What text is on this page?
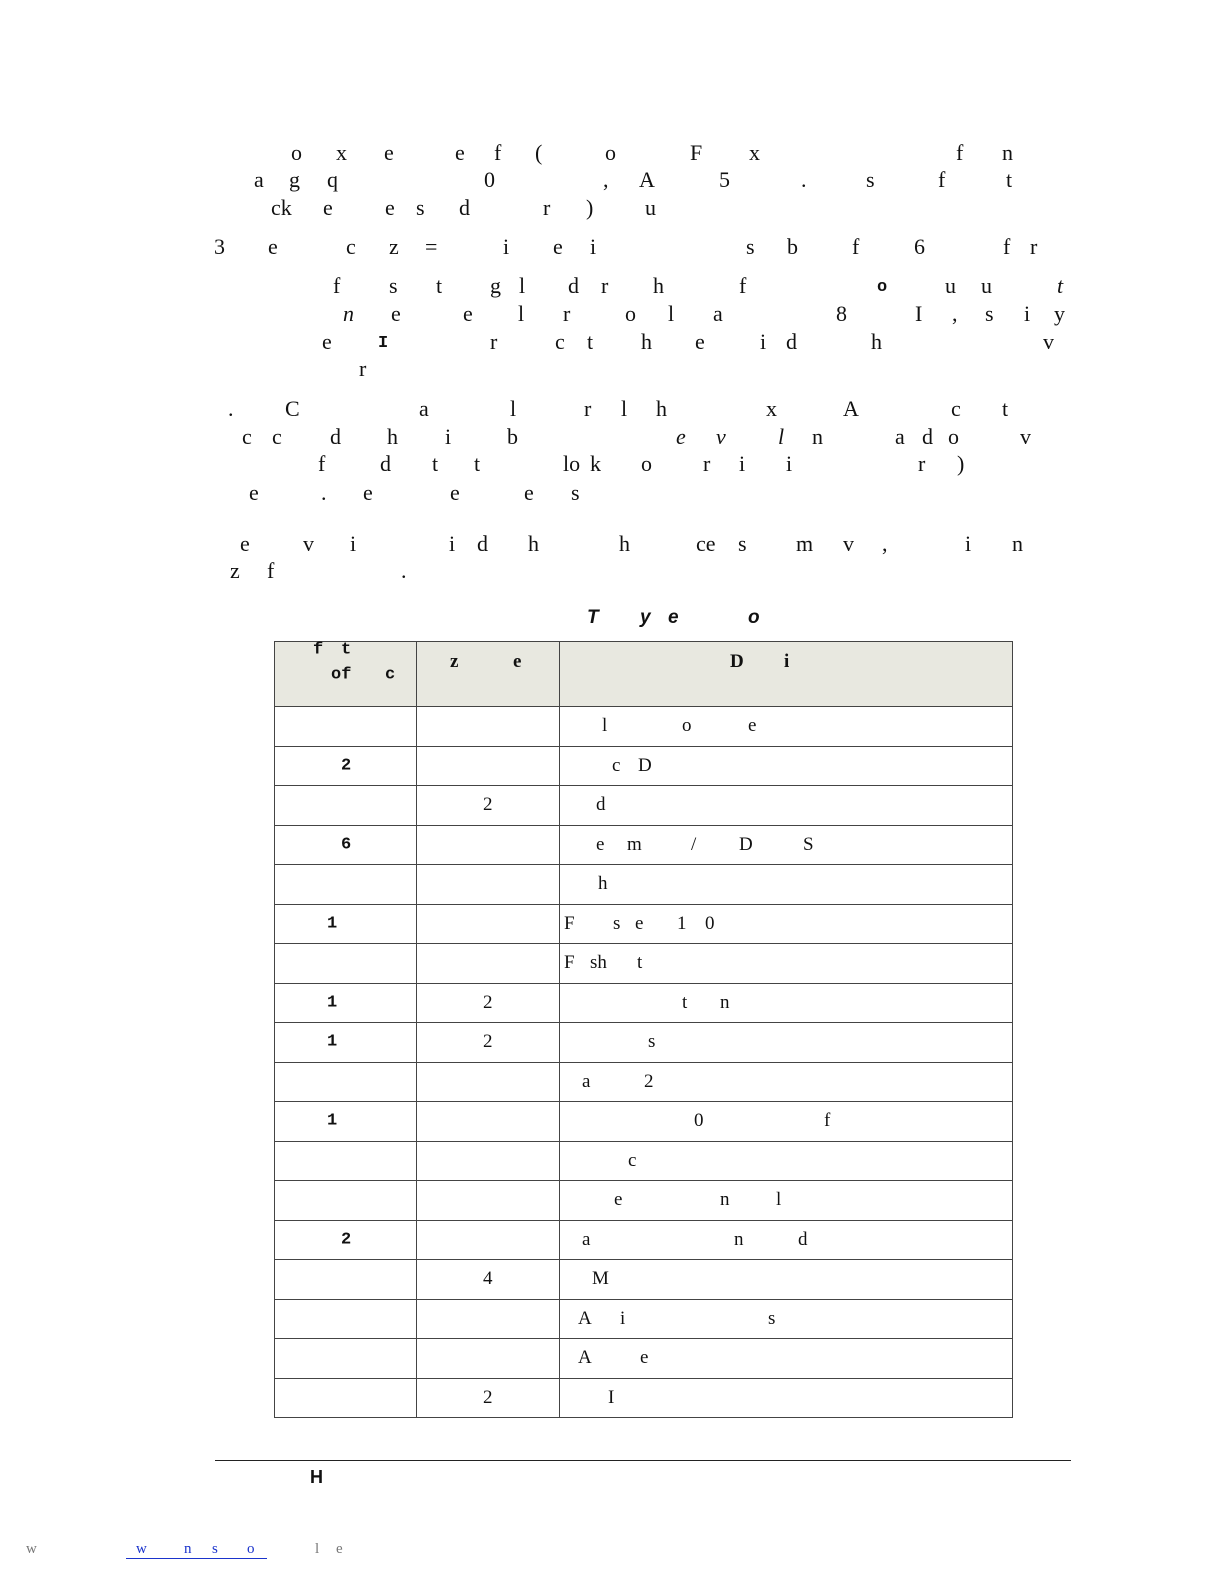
o x e	e f (	o	F x	f n
a g q	0	, A	5	.	s	f	t
ck e e s d	r ) u
3 e	c z =	i e i	s b f 6	f r
f s t g l d r h	f	o	u u	t
n e	e l r o l a	8	I , s i y
e	I	r	c t h e	i d	h	v
r
. C	a	l	r l h	x	A	c t
c c d h i	b	e v l n	a d o	v
f d t t	lo k o r i i	r )
e	. e	e	e s
e v i	i d h	h	ce s m v ,	i n
z f	.
T y e	o
f t
of c	z e	D i

		l o e

2		c D

	2	d

6		e m / D S

		h

1		F s e 1 0

		F sh t

1	2	t n

1	2	s

		a 2

1		0 f

		c

		e n l

2		a n d

	4	M

		A i s

		A e

	2	I
H
w	w n s o	l e
